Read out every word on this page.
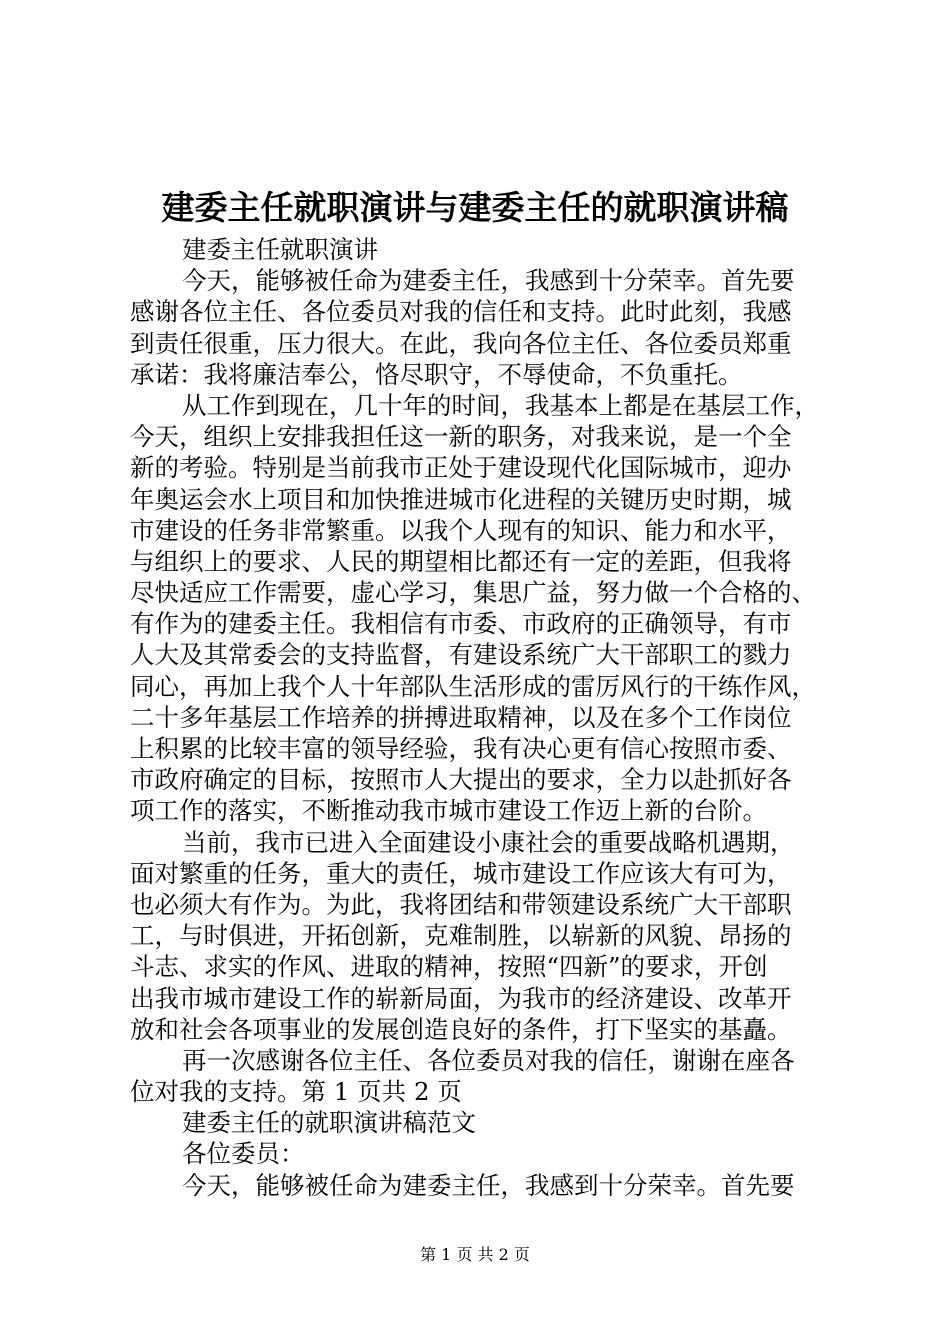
建委主任就职演讲与建委主任的就职演讲稿
建委主任就职演讲
今天，能够被任命为建委主任，我感到十分荣幸。首先要
感谢各位主任、各位委员对我的信任和支持。此时此刻，我感
到责任很重，压力很大。在此，我向各位主任、各位委员郑重
承诺：我将廉洁奉公，恪尽职守，不辱使命，不负重托。
从工作到现在，几十年的时间，我基本上都是在基层工作，
今天，组织上安排我担任这一新的职务，对我来说，是一个全
新的考验。特别是当前我市正处于建设现代化国际城市，迎办
年奥运会水上项目和加快推进城市化进程的关键历史时期，城
市建设的任务非常繁重。以我个人现有的知识、能力和水平，
与组织上的要求、人民的期望相比都还有一定的差距，但我将
尽快适应工作需要，虚心学习，集思广益，努力做一个合格的、
有作为的建委主任。我相信有市委、市政府的正确领导，有市
人大及其常委会的支持监督，有建设系统广大干部职工的戮力
同心，再加上我个人十年部队生活形成的雷厉风行的干练作风，
二十多年基层工作培养的拼搏进取精神，以及在多个工作岗位
上积累的比较丰富的领导经验，我有决心更有信心按照市委、
市政府确定的目标，按照市人大提出的要求，全力以赴抓好各
项工作的落实，不断推动我市城市建设工作迈上新的台阶。
当前，我市已进入全面建设小康社会的重要战略机遇期，
面对繁重的任务，重大的责任，城市建设工作应该大有可为，
也必须大有作为。为此，我将团结和带领建设系统广大干部职
工，与时俱进，开拓创新，克难制胜，以崭新的风貌、昂扬的
斗志、求实的作风、进取的精神，按照“四新”的要求，开创
出我市城市建设工作的崭新局面，为我市的经济建设、改革开
放和社会各项事业的发展创造良好的条件，打下坚实的基矗。
再一次感谢各位主任、各位委员对我的信任，谢谢在座各
位对我的支持。第 1 页共 2 页
建委主任的就职演讲稿范文
各位委员：
今天，能够被任命为建委主任，我感到十分荣幸。首先要
第 1 页 共 2 页
